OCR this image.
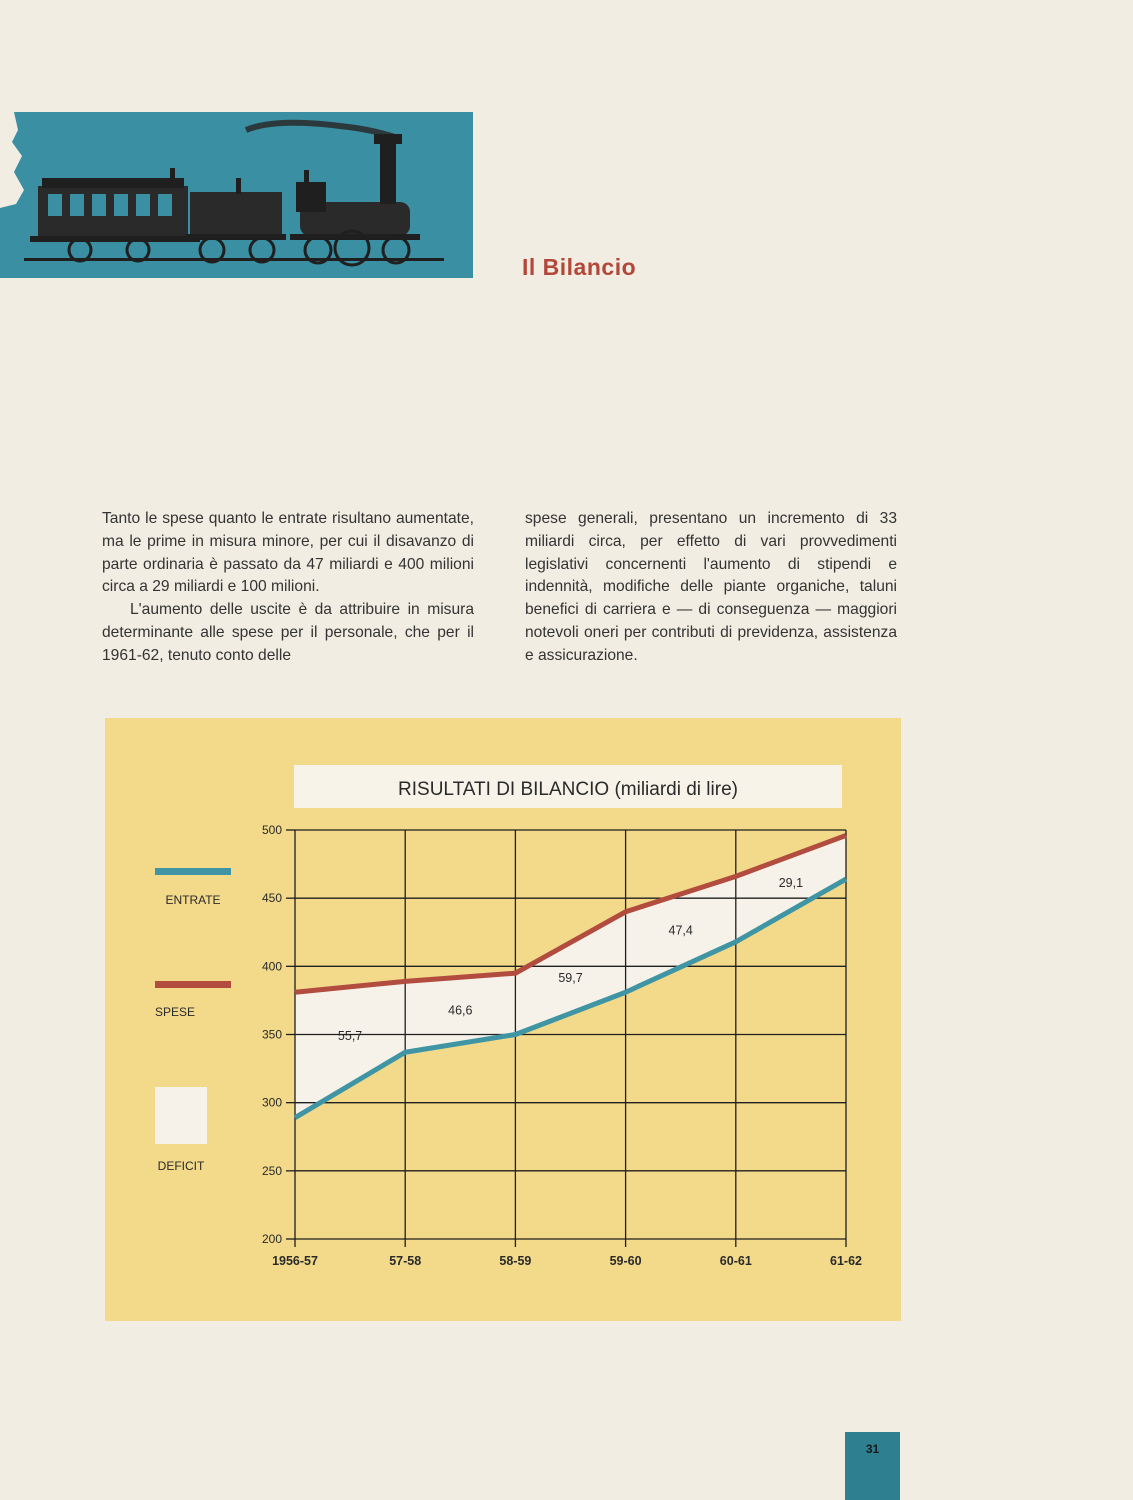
Il Bilancio

Tanto le spese quanto le entrate risultano aumentate, ma le prime in misura minore, per cui il disavanzo di parte ordinaria è passato da 47 miliardi e 400 milioni circa a 29 miliardi e 100 milioni.

L'aumento delle uscite è da attribuire in misura determinante alle spese per il personale, che per il 1961-62, tenuto conto delle

spese generali, presentano un incremento di 33 miliardi circa, per effetto di vari provvedimenti legislativi concernenti l'aumento di stipendi e indennità, modifiche delle piante organiche, taluni benefici di carriera e — di conseguenza — maggiori notevoli oneri per contributi di previdenza, assistenza e assicurazione.

RISULTATI DI BILANCIO (miliardi di lire)
200
250
300
350
400
450
500
1956-57	57-58	58-59	59-60	60-61	61-62
55,7
46,6
59,7
47,4
29,1
ENTRATE
SPESE
DEFICIT
31
